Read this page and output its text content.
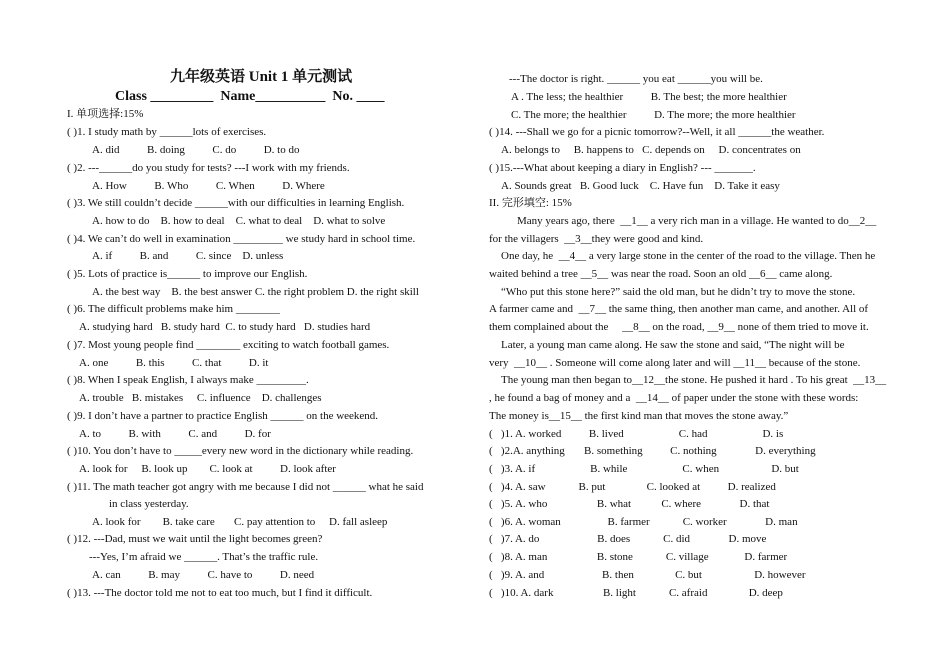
九年级英语 Unit 1 单元测试
Class _________  Name__________  No. ____
I. 单项选择:15%
( )1. I study math by ______lots of exercises.
A. did          B. doing          C. do          D. to do
( )2. ---______do you study for tests? ---I work with my friends.
A. How          B. Who          C. When          D. Where
( )3. We still couldn’t decide ______with our difficulties in learning English.
A. how to do    B. how to deal    C. what to deal    D. what to solve
( )4. We can’t do well in examination _________ we study hard in school time.
A. if          B. and          C. since    D. unless
( )5. Lots of practice is______ to improve our English.
A. the best way    B. the best answer C. the right problem D. the right skill
( )6. The difficult problems make him ________
A. studying hard   B. study hard  C. to study hard   D. studies hard
( )7. Most young people find ________ exciting to watch football games.
A. one          B. this          C. that          D. it
( )8. When I speak English, I always make _________.
A. trouble   B. mistakes     C. influence    D. challenges
( )9. I don’t have a partner to practice English ______ on the weekend.
A. to          B. with          C. and          D. for
( )10. You don’t have to _____every new word in the dictionary while reading.
A. look for     B. look up        C. look at          D. look after
( )11. The math teacher got angry with me because I did not ______ what he said
in class yesterday.
A. look for        B. take care       C. pay attention to     D. fall asleep
( )12. ---Dad, must we wait until the light becomes green?
---Yes, I’m afraid we ______. That’s the traffic rule.
A. can          B. may          C. have to          D. need
( )13. ---The doctor told me not to eat too much, but I find it difficult.
---The doctor is right. ______ you eat ______you will be.
A . The less; the healthier          B. The best; the more healthier
C. The more; the healthier          D. The more; the more healthier
( )14. ---Shall we go for a picnic tomorrow?--Well, it all ______the weather.
A. belongs to     B. happens to   C. depends on     D. concentrates on
( )15.---What about keeping a diary in English? --- _______.
A. Sounds great   B. Good luck    C. Have fun    D. Take it easy
II. 完形填空: 15%
Many years ago, there  __1__ a very rich man in a village. He wanted to do__2__
for the villagers  __3__they were good and kind.
One day, he  __4__ a very large stone in the center of the road to the village. Then he
waited behind a tree __5__ was near the road. Soon an old __6__ came along.
“Who put this stone here?” said the old man, but he didn’t try to move the stone.
A farmer came and  __7__ the same thing, then another man came, and another. All of
them complained about the     __8__ on the road, __9__ none of them tried to move it.
Later, a young man came along. He saw the stone and said, “The night will be
very  __10__ . Someone will come along later and will __11__ because of the stone.
The young man then began to__12__the stone. He pushed it hard . To his great  __13__
, he found a bag of money and a  __14__ of paper under the stone with these words:
The money is__15__ the first kind man that moves the stone away.”
(   )1. A. worked          B. lived                    C. had                    D. is
(   )2.A. anything       B. something          C. nothing              D. everything
(   )3. A. if                    B. while                    C. when                   D. but
(   )4. A. saw            B. put               C. looked at          D. realized
(   )5. A. who                  B. what           C. where              D. that
(   )6. A. woman                 B. farmer            C. worker              D. man
(   )7. A. do                     B. does            C. did              D. move
(   )8. A. man                  B. stone            C. village             D. farmer
(   )9. A. and                     B. then               C. but                   D. however
(   )10. A. dark                  B. light            C. afraid               D. deep
